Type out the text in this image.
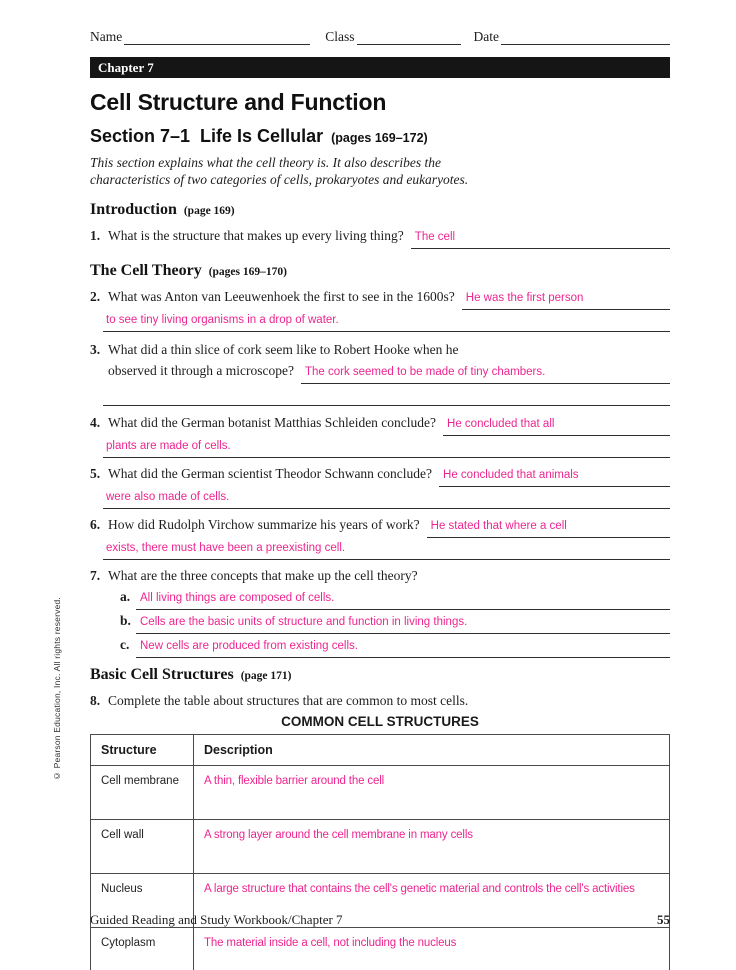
© Pearson Education, Inc. All rights reserved.
Name	Class	Date
Chapter 7
Cell Structure and Function
Section 7–1 Life Is Cellular (pages 169–172)
This section explains what the cell theory is. It also describes the
characteristics of two categories of cells, prokaryotes and eukaryotes.
Introduction (page 169)
1. What is the structure that makes up every living thing? The cell
The Cell Theory (pages 169–170)
2. What was Anton van Leeuwenhoek the first to see in the 1600s? He was the first person
to see tiny living organisms in a drop of water.
3. What did a thin slice of cork seem like to Robert Hooke when he
observed it through a microscope? The cork seemed to be made of tiny chambers.
4. What did the German botanist Matthias Schleiden conclude? He concluded that all
plants are made of cells.
5. What did the German scientist Theodor Schwann conclude? He concluded that animals
were also made of cells.
6. How did Rudolph Virchow summarize his years of work? He stated that where a cell
exists, there must have been a preexisting cell.
7. What are the three concepts that make up the cell theory?
a. All living things are composed of cells.
b. Cells are the basic units of structure and function in living things.
c. New cells are produced from existing cells.
Basic Cell Structures (page 171)
8. Complete the table about structures that are common to most cells.
COMMON CELL STRUCTURES
Structure	Description
Cell membrane	A thin, flexible barrier around the cell
Cell wall	A strong layer around the cell membrane in many cells
Nucleus	A large structure that contains the cell's genetic material and controls the cell's activities
Cytoplasm	The material inside a cell, not including the nucleus
Guided Reading and Study Workbook/Chapter 7	55
